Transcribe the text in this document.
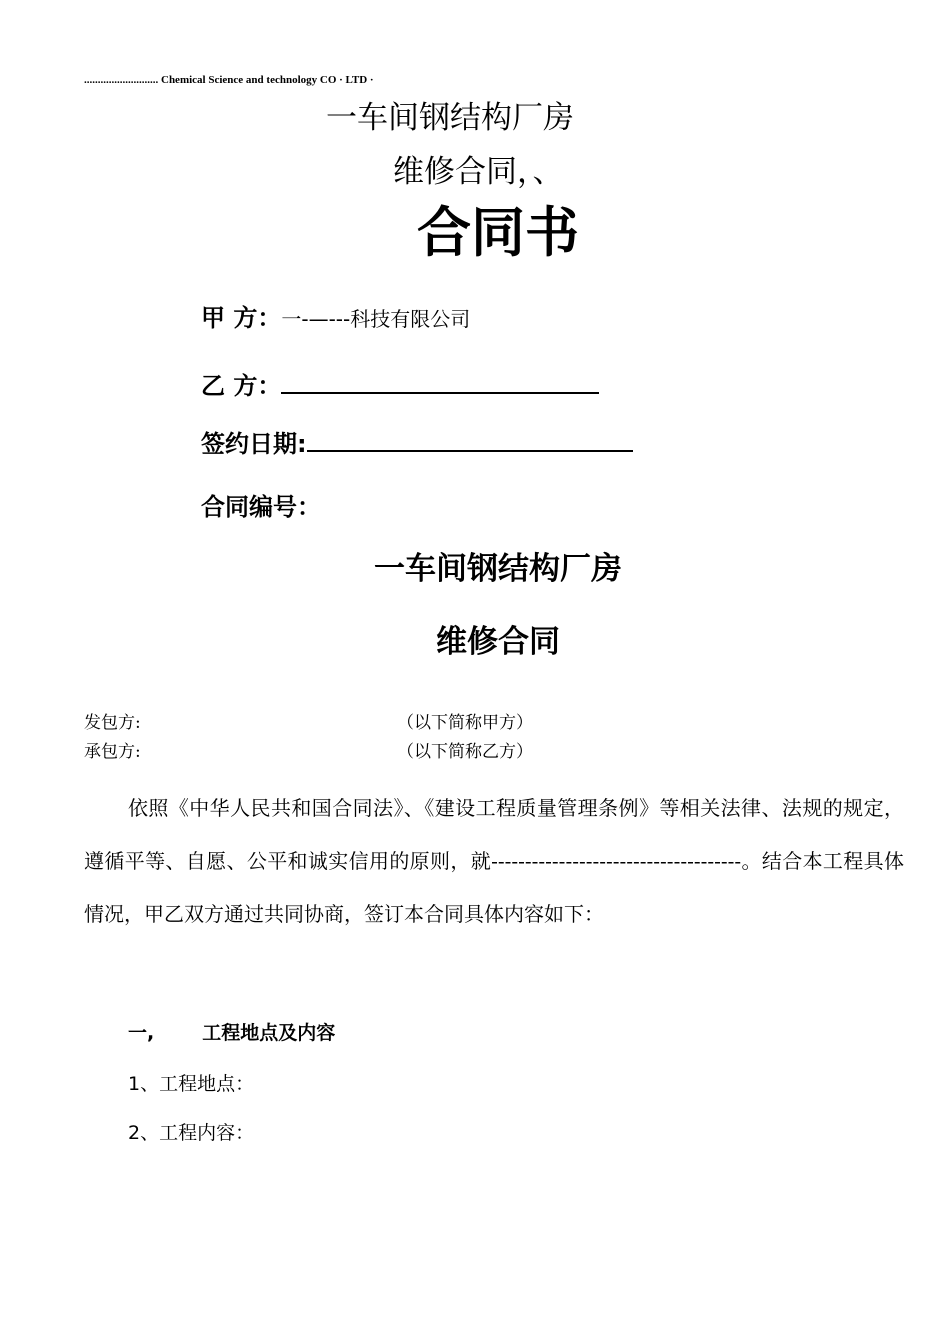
........................... Chemical Science and technology CO · LTD ·
一车间钢结构厂房
维修合同，、
合同书
甲 方：一-—---科技有限公司
乙 方：
签约日期:
合同编号：
一车间钢结构厂房
维修合同
发包方:	（以下简称甲方）
承包方:	（以下简称乙方）
依照《中华人民共和国合同法》、《建设工程质量管理条例》等相关法律、法规的规定，遵循平等、自愿、公平和诚实信用的原则，就-------------------------------------。结合本工程具体情况，甲乙双方通过共同协商，签订本合同具体内容如下：
一,	工程地点及内容
1、工程地点：
2、工程内容：
